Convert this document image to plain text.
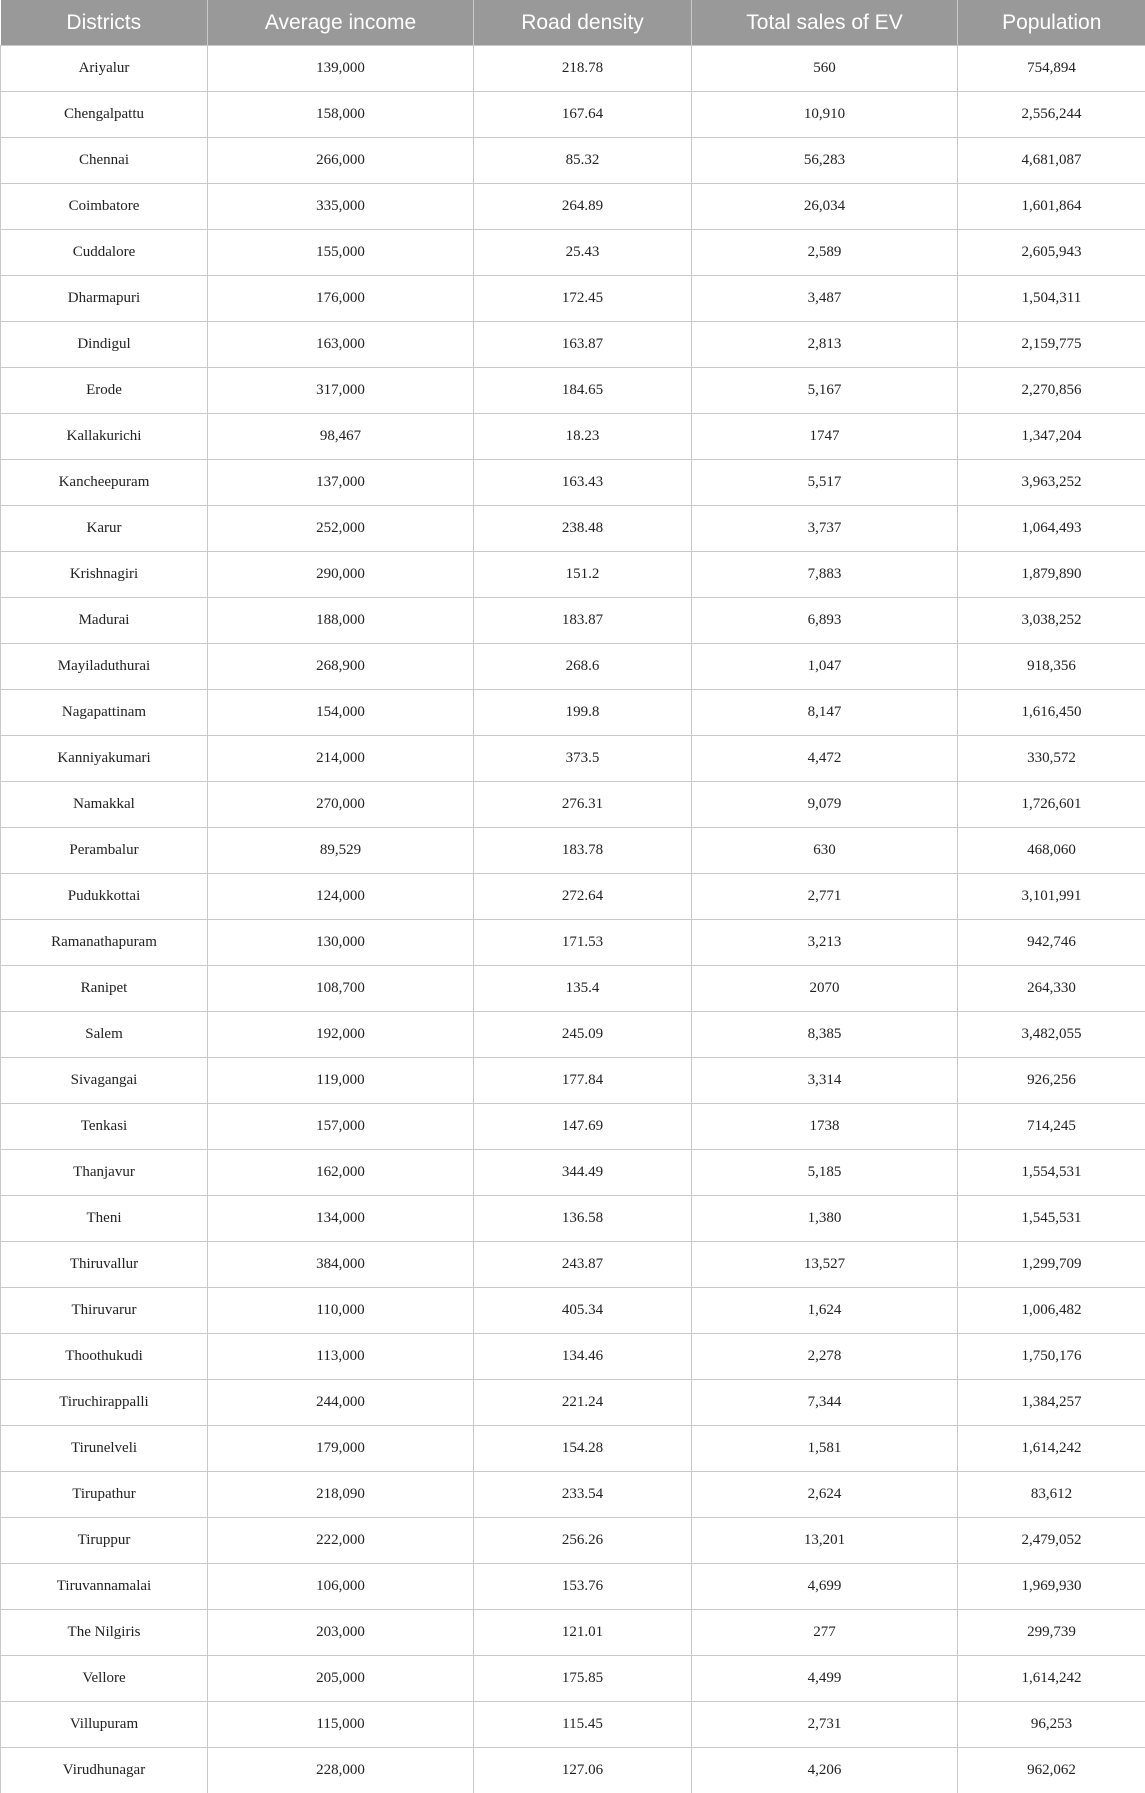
Districts	Average income	Road density	Total sales of EV	Population
Ariyalur	139,000	218.78	560	754,894
Chengalpattu	158,000	167.64	10,910	2,556,244
Chennai	266,000	85.32	56,283	4,681,087
Coimbatore	335,000	264.89	26,034	1,601,864
Cuddalore	155,000	25.43	2,589	2,605,943
Dharmapuri	176,000	172.45	3,487	1,504,311
Dindigul	163,000	163.87	2,813	2,159,775
Erode	317,000	184.65	5,167	2,270,856
Kallakurichi	98,467	18.23	1747	1,347,204
Kancheepuram	137,000	163.43	5,517	3,963,252
Karur	252,000	238.48	3,737	1,064,493
Krishnagiri	290,000	151.2	7,883	1,879,890
Madurai	188,000	183.87	6,893	3,038,252
Mayiladuthurai	268,900	268.6	1,047	918,356
Nagapattinam	154,000	199.8	8,147	1,616,450
Kanniyakumari	214,000	373.5	4,472	330,572
Namakkal	270,000	276.31	9,079	1,726,601
Perambalur	89,529	183.78	630	468,060
Pudukkottai	124,000	272.64	2,771	3,101,991
Ramanathapuram	130,000	171.53	3,213	942,746
Ranipet	108,700	135.4	2070	264,330
Salem	192,000	245.09	8,385	3,482,055
Sivagangai	119,000	177.84	3,314	926,256
Tenkasi	157,000	147.69	1738	714,245
Thanjavur	162,000	344.49	5,185	1,554,531
Theni	134,000	136.58	1,380	1,545,531
Thiruvallur	384,000	243.87	13,527	1,299,709
Thiruvarur	110,000	405.34	1,624	1,006,482
Thoothukudi	113,000	134.46	2,278	1,750,176
Tiruchirappalli	244,000	221.24	7,344	1,384,257
Tirunelveli	179,000	154.28	1,581	1,614,242
Tirupathur	218,090	233.54	2,624	83,612
Tiruppur	222,000	256.26	13,201	2,479,052
Tiruvannamalai	106,000	153.76	4,699	1,969,930
The Nilgiris	203,000	121.01	277	299,739
Vellore	205,000	175.85	4,499	1,614,242
Villupuram	115,000	115.45	2,731	96,253
Virudhunagar	228,000	127.06	4,206	962,062
